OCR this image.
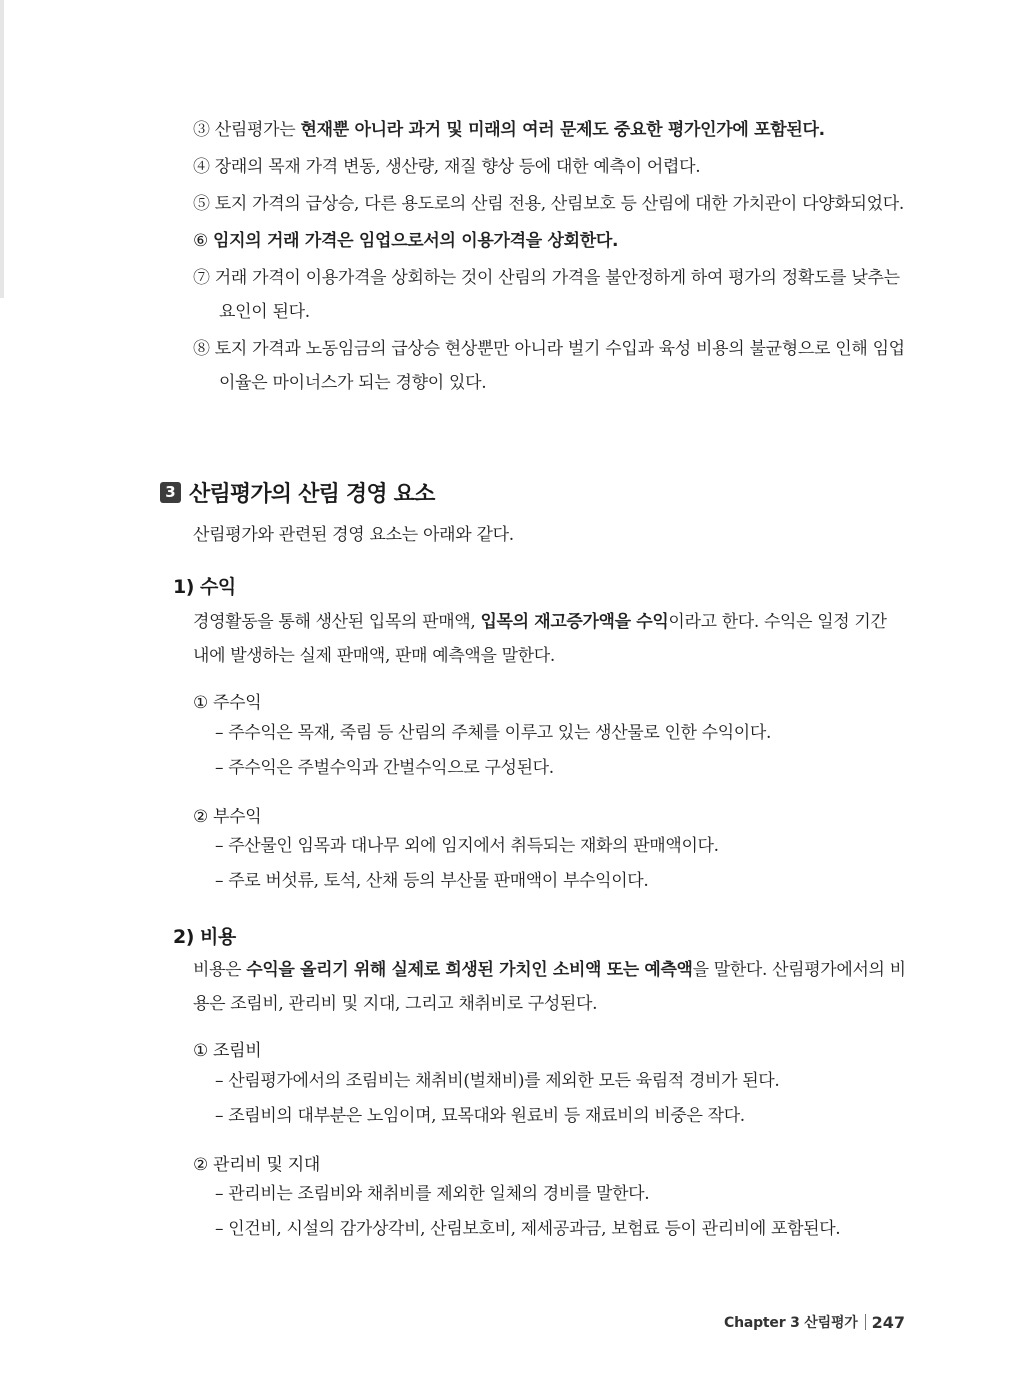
③ 산림평가는 현재뿐 아니라 과거 및 미래의 여러 문제도 중요한 평가인가에 포함된다.
④ 장래의 목재 가격 변동, 생산량, 재질 향상 등에 대한 예측이 어렵다.
⑤ 토지 가격의 급상승, 다른 용도로의 산림 전용, 산림보호 등 산림에 대한 가치관이 다양화되었다.
⑥ 임지의 거래 가격은 임업으로서의 이용가격을 상회한다.
⑦ 거래 가격이 이용가격을 상회하는 것이 산림의 가격을 불안정하게 하여 평가의 정확도를 낮추는 요인이 된다.
⑧ 토지 가격과 노동임금의 급상승 현상뿐만 아니라 벌기 수입과 육성 비용의 불균형으로 인해 임업 이율은 마이너스가 되는 경향이 있다.
3 산림평가의 산림 경영 요소
산림평가와 관련된 경영 요소는 아래와 같다.
1) 수익

경영활동을 통해 생산된 입목의 판매액, 입목의 재고증가액을 수익이라고 한다. 수익은 일정 기간 내에 발생하는 실제 판매액, 판매 예측액을 말한다.

① 주수익
– 주수익은 목재, 죽림 등 산림의 주체를 이루고 있는 생산물로 인한 수익이다.
– 주수익은 주벌수익과 간벌수익으로 구성된다.
② 부수익
– 주산물인 임목과 대나무 외에 임지에서 취득되는 재화의 판매액이다.
– 주로 버섯류, 토석, 산채 등의 부산물 판매액이 부수익이다.
2) 비용

비용은 수익을 올리기 위해 실제로 희생된 가치인 소비액 또는 예측액을 말한다. 산림평가에서의 비용은 조림비, 관리비 및 지대, 그리고 채취비로 구성된다.

① 조림비
– 산림평가에서의 조림비는 채취비(벌채비)를 제외한 모든 육림적 경비가 된다.
– 조림비의 대부분은 노임이며, 묘목대와 원료비 등 재료비의 비중은 작다.
② 관리비 및 지대
– 관리비는 조림비와 채취비를 제외한 일체의 경비를 말한다.
– 인건비, 시설의 감가상각비, 산림보호비, 제세공과금, 보험료 등이 관리비에 포함된다.
Chapter 3 산림평가 247
